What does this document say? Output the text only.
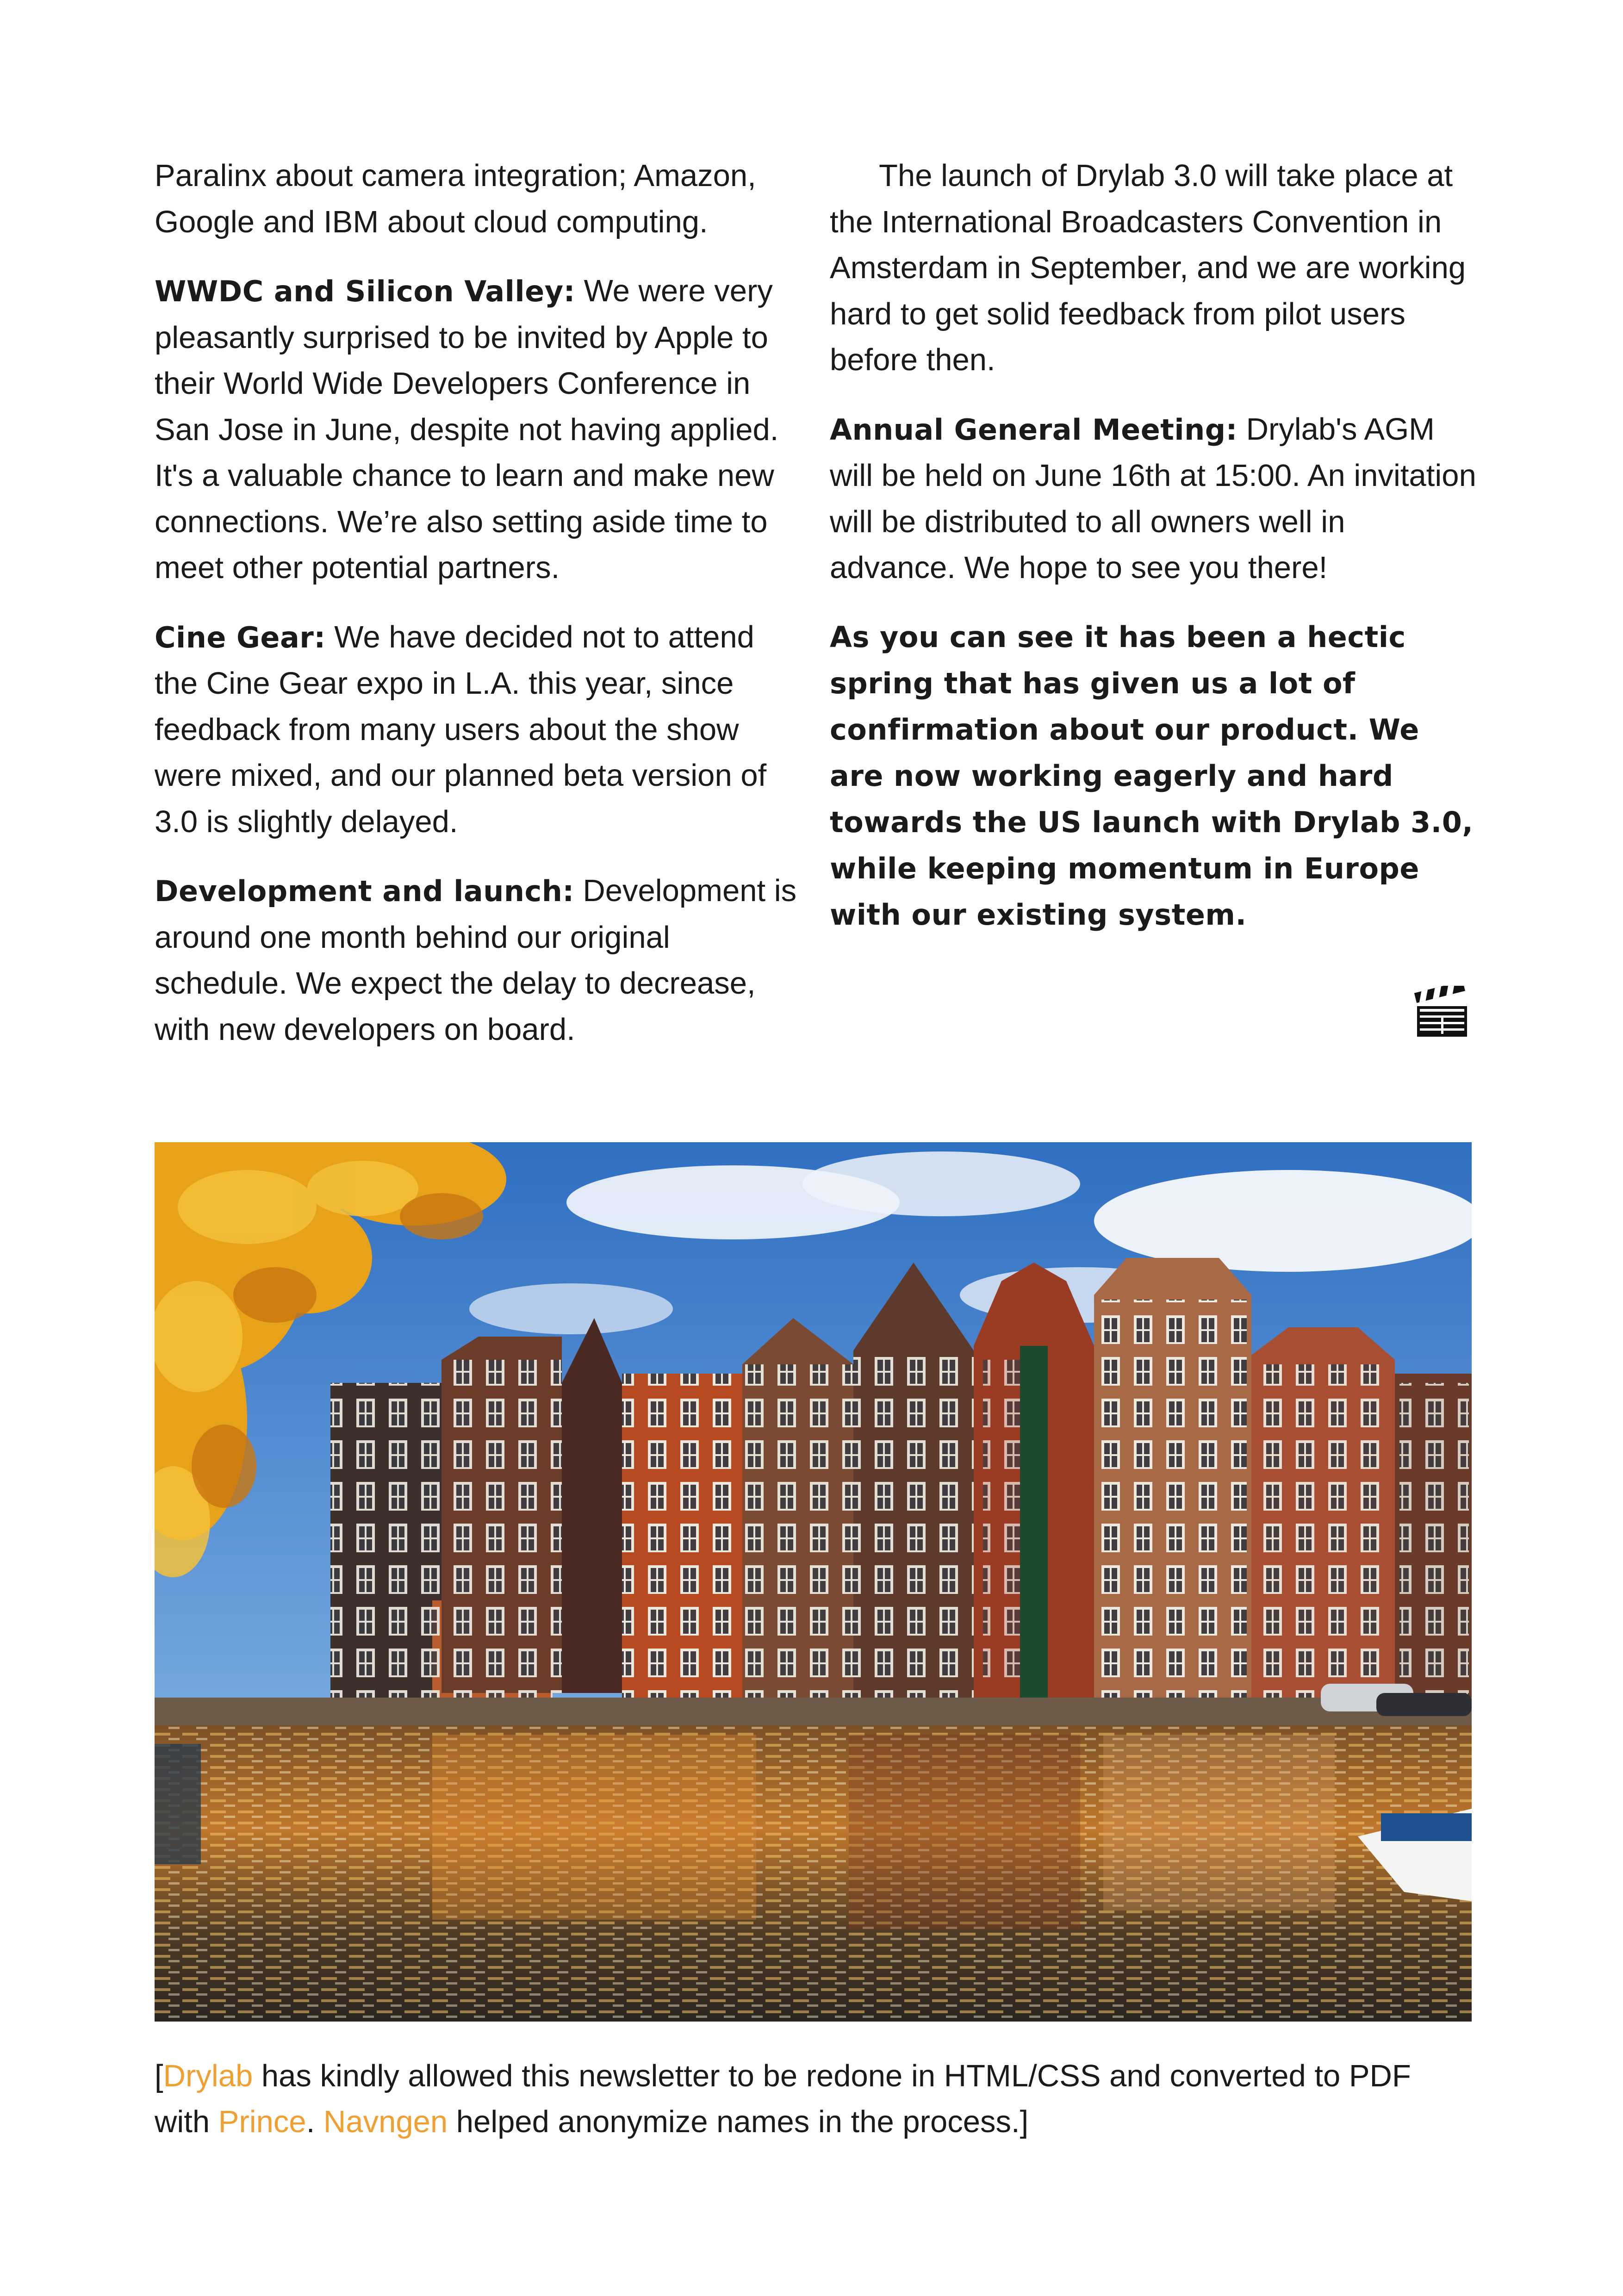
Paralinx about camera integration; Amazon, Google and IBM about cloud computing.

WWDC and Silicon Valley: We were very pleasantly surprised to be invited by Apple to their World Wide Developers Conference in San Jose in June, despite not having applied. It's a valuable chance to learn and make new connections. We’re also setting aside time to meet other potential partners.

Cine Gear: We have decided not to attend the Cine Gear expo in L.A. this year, since feedback from many users about the show were mixed, and our planned beta version of 3.0 is slightly delayed.

Development and launch: Development is around one month behind our original schedule. We expect the delay to decrease, with new developers on board.

The launch of Drylab 3.0 will take place at the International Broadcasters Convention in Amsterdam in September, and we are working hard to get solid feedback from pilot users before then.

Annual General Meeting: Drylab's AGM will be held on June 16th at 15:00. An invitation will be distributed to all owners well in advance. We hope to see you there!

As you can see it has been a hectic spring that has given us a lot of confirmation about our product. We are now working eagerly and hard towards the US launch with Drylab 3.0, while keeping momentum in Europe with our existing system.

[Drylab has kindly allowed this newsletter to be redone in HTML/CSS and converted to PDF with Prince. Navngen helped anonymize names in the process.]
